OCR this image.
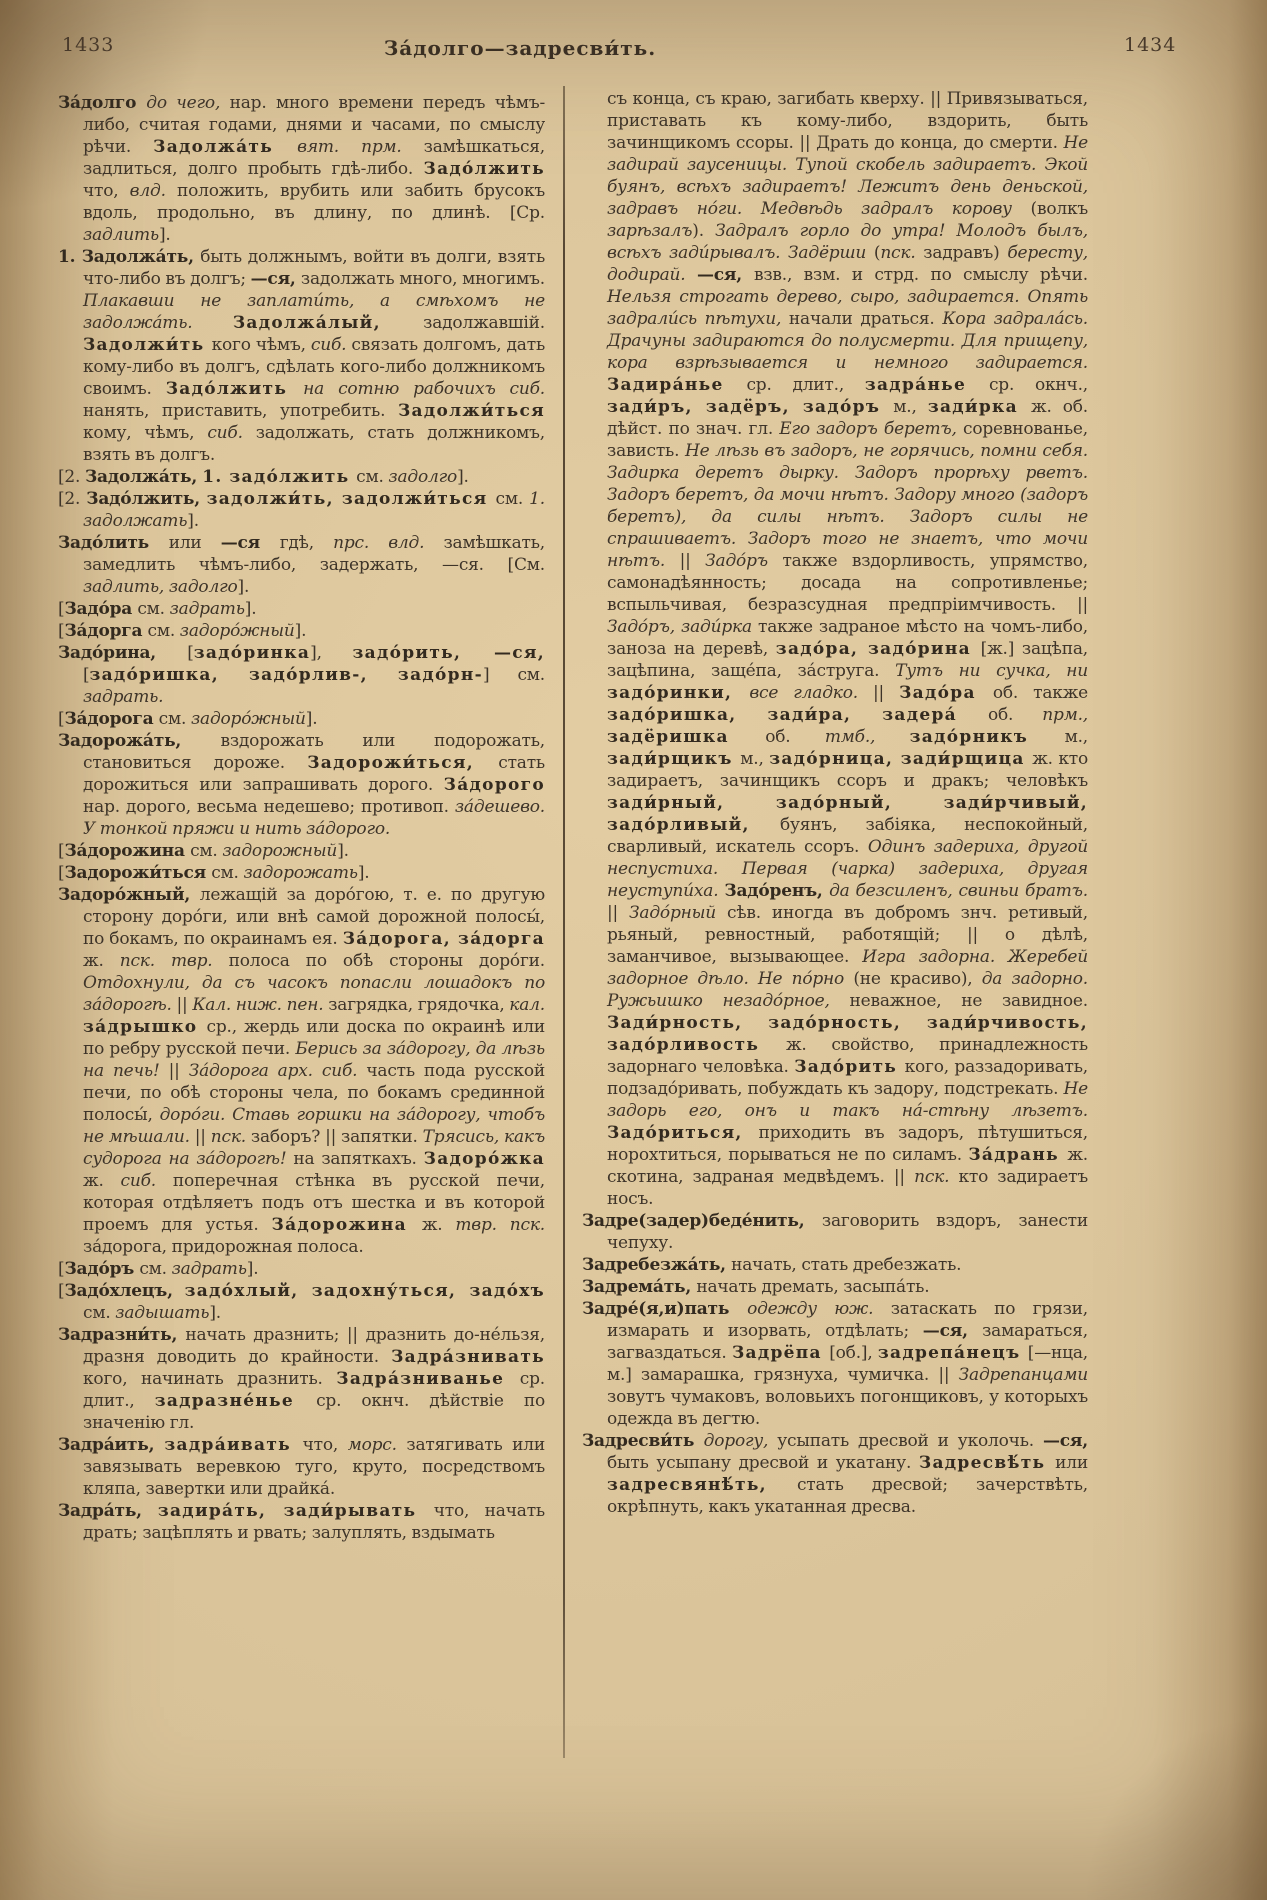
1433	За́долго—задресви́ть.	1434

За́долго до чего, нар. много времени передъ чѣмъ-либо, считая годами, днями и часами, по смыслу рѣчи. Задолжа́ть вят. прм. замѣшкаться, задлиться, долго пробыть гдѣ-либо. Задо́лжить что, влд. положить, врубить или забить брусокъ вдоль, продольно, въ длину, по длинѣ. [Ср. задлить].

1. Задолжа́ть, быть должнымъ, войти въ долги, взять что-либо въ долгъ; —ся, задолжать много, многимъ. Плакавши не заплати́ть, а смѣхомъ не задолжа́ть. Задолжа́лый, задолжавшій. Задолжи́ть кого чѣмъ, сиб. связать долгомъ, дать кому-либо въ долгъ, сдѣлать кого-либо должникомъ своимъ. Задо́лжить на сотню рабочихъ сиб. нанять, приставить, употребить. Задолжи́ться кому, чѣмъ, сиб. задолжать, стать должникомъ, взять въ долгъ.

[2. Задолжа́ть, 1. задо́лжить см. задолго].

[2. Задо́лжить, задолжи́ть, задолжи́ться см. 1. задолжать].

Задо́лить или —ся гдѣ, прс. влд. замѣшкать, замедлить чѣмъ-либо, задержать, —ся. [См. задлить, задолго].

[Задо́ра см. задрать].

[За́дорга см. задоро́жный].

Задо́рина, [задо́ринка], задо́рить, —ся, [задо́ришка, задо́рлив-, задо́рн-] см. задрать.

[За́дорога см. задоро́жный].

Задорожа́ть, вздорожать или подорожать, становиться дороже. Задорожи́ться, стать дорожиться или запрашивать дорого. За́дорого нар. дорого, весьма недешево; противоп. за́дешево. У тонкой пряжи и нить за́дорого.

[За́дорожина см. задорожный].

[Задорожи́ться см. задорожать].

Задоро́жный, лежащій за доро́гою, т. е. по другую сторону доро́ги, или внѣ самой дорожной полосы́, по бокамъ, по окраинамъ ея. За́дорога, за́дорга ж. пск. твр. полоса по обѣ стороны доро́ги. Отдохнули, да съ часокъ попасли лошадокъ по за́дорогѣ. || Кал. ниж. пен. загрядка, грядочка, кал. за́дрышко ср., жердь или доска по окраинѣ или по ребру русской печи. Берись за за́дорогу, да лѣзь на печь! || За́дорога арх. сиб. часть пода русской печи, по обѣ стороны чела, по бокамъ срединной полосы́, доро́ги. Ставь горшки на за́дорогу, чтобъ не мѣшали. || пск. заборъ? || запятки. Трясись, какъ судорога на за́дорогѣ! на запяткахъ. Задоро́жка ж. сиб. поперечная стѣнка въ русской печи, которая отдѣляетъ подъ отъ шестка и въ которой проемъ для устья. За́дорожина ж. твр. пск. за́дорога, придорожная полоса.

[Задо́ръ см. задрать].

[Задо́хлецъ, задо́хлый, задохну́ться, задо́хъ см. задышать].

Задразни́ть, начать дразнить; || дразнить до-не́льзя, дразня доводить до крайности. Задра́знивать кого, начинать дразнить. Задра́зниванье ср. длит., задразне́нье ср. окнч. дѣйствіе по значенію гл.

Задра́ить, задра́ивать что, морс. затягивать или завязывать веревкою туго, круто, посредствомъ кляпа, завертки или драйка́.

Задра́ть, задира́ть, зади́рывать что, начать драть; зацѣплять и рвать; залуплять, вздымать

съ конца, съ краю, загибать кверху. || Привязываться, приставать къ кому-либо, вздорить, быть зачинщикомъ ссоры. || Драть до конца, до смерти. Не задирай заусеницы. Тупой скобель задираетъ. Экой буянъ, всѣхъ задираетъ! Лежитъ день деньской, задравъ но́ги. Медвѣдь задралъ корову (волкъ зарѣзалъ). Задралъ горло до утра! Молодъ былъ, всѣхъ зади́рывалъ. Задёрши (пск. задравъ) бересту, додирай. —ся, взв., взм. и стрд. по смыслу рѣчи. Нельзя строгать дерево, сыро, задирается. Опять задрали́сь пѣтухи, начали драться. Кора задрала́сь. Драчуны задираются до полусмерти. Для прищепу, кора взрѣзывается и немного задирается. Задира́нье ср. длит., задра́нье ср. окнч., зади́ръ, задёръ, задо́ръ м., зади́рка ж. об. дѣйст. по знач. гл. Его задоръ беретъ, соревнованье, зависть. Не лѣзь въ задоръ, не горячись, помни себя. Задирка деретъ дырку. Задоръ прорѣху рветъ. Задоръ беретъ, да мочи нѣтъ. Задору много (задоръ беретъ), да силы нѣтъ. Задоръ силы не спрашиваетъ. Задоръ того не знаетъ, что мочи нѣтъ. || Задо́ръ также вздорливость, упрямство, самонадѣянность; досада на сопротивленье; вспыльчивая, безразсудная предпріимчивость. || Задо́ръ, зади́рка также задраное мѣсто на чомъ-либо, заноза на деревѣ, задо́ра, задо́рина [ж.] зацѣпа, зацѣпина, заще́па, за́струга. Тутъ ни сучка, ни задо́ринки, все гладко. || Задо́ра об. также задо́ришка, зади́ра, задера́ об. прм., задёришка об. тмб., задо́рникъ м., зади́рщикъ м., задо́рница, зади́рщица ж. кто задираетъ, зачинщикъ ссоръ и дракъ; человѣкъ зади́рный, задо́рный, зади́рчивый, задо́рливый, буянъ, забіяка, неспокойный, сварливый, искатель ссоръ. Одинъ задериха, другой неспустиха. Первая (чарка) задериха, другая неуступи́ха. Задо́ренъ, да безсиленъ, свиньи братъ. || Задо́рный сѣв. иногда въ добромъ знч. ретивый, рьяный, ревностный, работящій; || о дѣлѣ, заманчивое, вызывающее. Игра задорна. Жеребей задорное дѣло. Не по́рно (не красиво), да задорно. Ружьишко незадо́рное, неважное, не завидное. Зади́рность, задо́рность, зади́рчивость, задо́рливость ж. свойство, принадлежность задорнаго человѣка. Задо́рить кого, раззадоривать, подзадо́ривать, побуждать къ задору, подстрекать. Не задорь его, онъ и такъ на́-стѣну лѣзетъ. Задо́риться, приходить въ задоръ, пѣтушиться, норохтиться, порываться не по силамъ. За́дрань ж. скотина, задраная медвѣдемъ. || пск. кто задираетъ носъ.

Задре(задер)беде́нить, заговорить вздоръ, занести чепуху.

Задребезжа́ть, начать, стать дребезжать.

Задрема́ть, начать дремать, засыпа́ть.

Задре́(я,и)пать одежду юж. затаскать по грязи, измарать и изорвать, отдѣлать; —ся, замараться, загваздаться. Задрёпа [об.], задрепа́нецъ [—нца, м.] замарашка, грязнуха, чумичка. || Задрепанцами зовутъ чумаковъ, воловьихъ погонщиковъ, у которыхъ одежда въ дегтю.

Задресви́ть дорогу, усыпать дресвой и уколочь. —ся, быть усыпану дресвой и укатану. Задресвѣ́ть или задресвянѣ́ть, стать дресвой; зачерствѣть, окрѣпнуть, какъ укатанная дресва.
